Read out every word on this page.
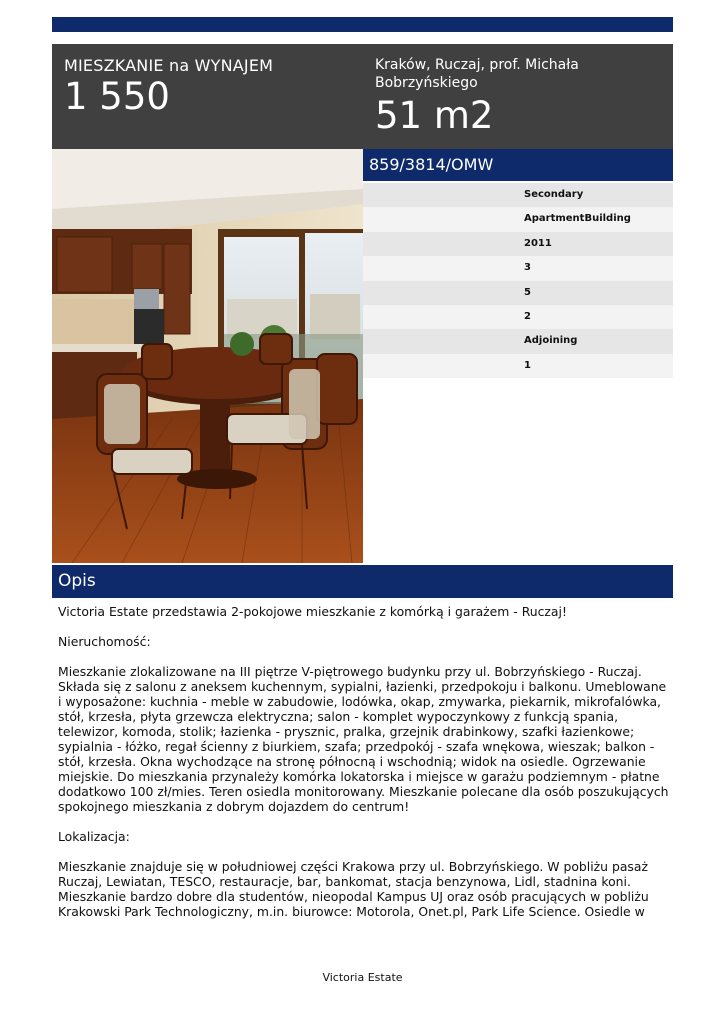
MIESZKANIE na WYNAJEM
1 550
Kraków, Ruczaj, prof. Michała Bobrzyńskiego
51 m2
859/3814/OMW
Secondary
ApartmentBuilding
2011
3
5
2
Adjoining
1
Opis

Victoria Estate przedstawia 2-pokojowe mieszkanie z komórką i garażem - Ruczaj!

Nieruchomość:

Mieszkanie zlokalizowane na III piętrze V-piętrowego budynku przy ul. Bobrzyńskiego - Ruczaj. Składa się z salonu z aneksem kuchennym, sypialni, łazienki, przedpokoju i balkonu. Umeblowane i wyposażone: kuchnia - meble w zabudowie, lodówka, okap, zmywarka, piekarnik, mikrofalówka, stół, krzesła, płyta grzewcza elektryczna; salon - komplet wypoczynkowy z funkcją spania, telewizor, komoda, stolik; łazienka - prysznic, pralka, grzejnik drabinkowy, szafki łazienkowe; sypialnia - łóżko, regał ścienny z biurkiem, szafa; przedpokój - szafa wnękowa, wieszak; balkon - stół, krzesła. Okna wychodzące na stronę północną i wschodnią; widok na osiedle. Ogrzewanie miejskie. Do mieszkania przynależy komórka lokatorska i miejsce w garażu podziemnym - płatne dodatkowo 100 zł/mies. Teren osiedla monitorowany. Mieszkanie polecane dla osób poszukujących spokojnego mieszkania z dobrym dojazdem do centrum!

Lokalizacja:

Mieszkanie znajduje się w południowej części Krakowa przy ul. Bobrzyńskiego. W pobliżu pasaż Ruczaj, Lewiatan, TESCO, restauracje, bar, bankomat, stacja benzynowa, Lidl, stadnina koni. Mieszkanie bardzo dobre dla studentów, nieopodal Kampus UJ oraz osób pracujących w pobliżu Krakowski Park Technologiczny, m.in. biurowce: Motorola, Onet.pl, Park Life Science. Osiedle w

Victoria Estate
